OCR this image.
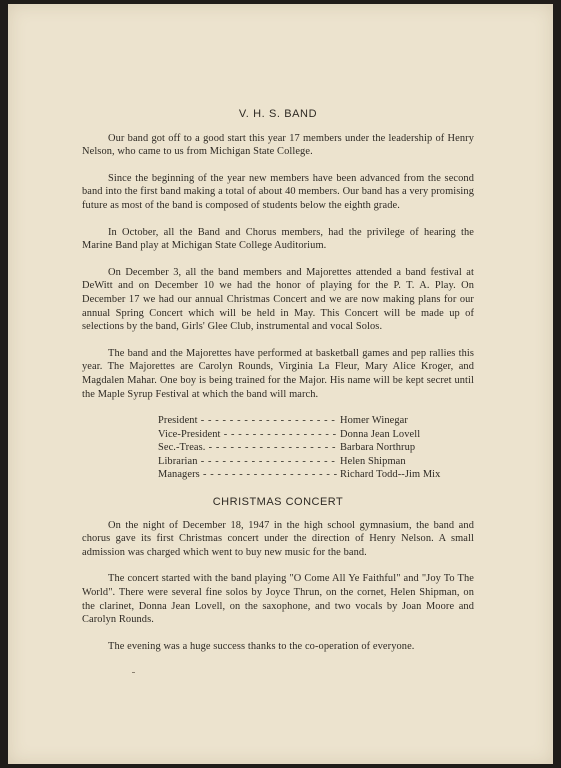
V. H. S. BAND

Our band got off to a good start this year 17 members under the leadership of Henry Nelson, who came to us from Michigan State College.

Since the beginning of the year new members have been advanced from the second band into the first band making a total of about 40 members. Our band has a very promising future as most of the band is composed of students below the eighth grade.

In October, all the Band and Chorus members, had the privilege of hearing the Marine Band play at Michigan State College Auditorium.

On December 3, all the band members and Majorettes attended a band festival at DeWitt and on December 10 we had the honor of playing for the P. T. A. Play. On December 17 we had our annual Christmas Concert and we are now making plans for our annual Spring Concert which will be held in May. This Concert will be made up of selections by the band, Girls' Glee Club, instrumental and vocal Solos.

The band and the Majorettes have performed at basketball games and pep rallies this year. The Majorettes are Carolyn Rounds, Virginia La Fleur, Mary Alice Kroger, and Magdalen Mahar. One boy is being trained for the Major. His name will be kept secret until the Maple Syrup Festival at which the band will march.

President - - -	Homer Winegar
Vice-President - - -	Donna Jean Lovell
Sec.-Treas. - - -	Barbara Northrup
Librarian - - -	Helen Shipman
Managers - - -	Richard Todd--Jim Mix
CHRISTMAS CONCERT

On the night of December 18, 1947 in the high school gymnasium, the band and chorus gave its first Christmas concert under the direction of Henry Nelson. A small admission was charged which went to buy new music for the band.

The concert started with the band playing "O Come All Ye Faithful" and "Joy To The World". There were several fine solos by Joyce Thrun, on the cornet, Helen Shipman, on the clarinet, Donna Jean Lovell, on the saxophone, and two vocals by Joan Moore and Carolyn Rounds.

The evening was a huge success thanks to the co-operation of everyone.
